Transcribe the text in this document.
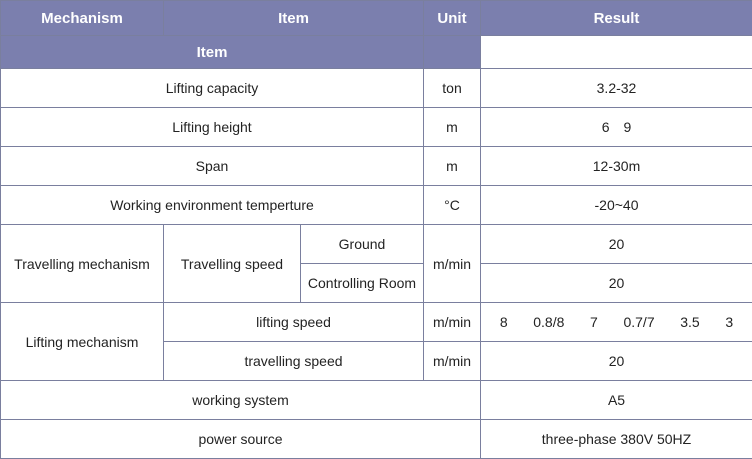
Mechanism	Item		Unit	Result
Item				
Lifting capacity			ton	3.2-32
Lifting height			m	6 9
Span			m	12-30m
Working environment temperture			°C	-20~40
Travelling mechanism	Travelling speed	Ground	m/min	20
		Controlling Room		20
Lifting mechanism	lifting speed	m/min	8 0.8/8 7 0.7/7 3.5 3

	travelling speed		m/min	20
working system				A5
power source				three-phase 380V 50HZ
